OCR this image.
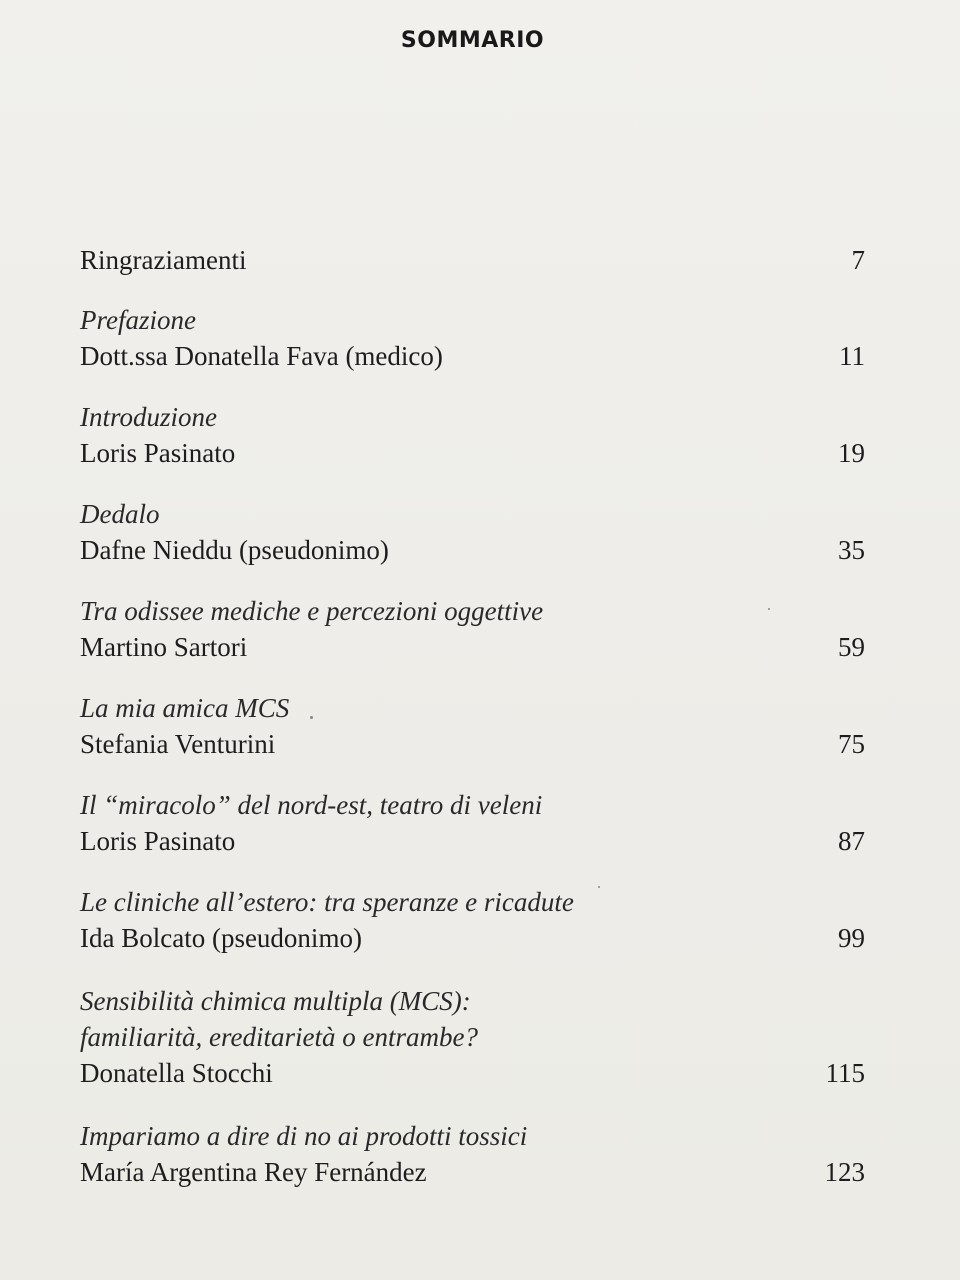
SOMMARIO
Ringraziamenti	7
Prefazione
Dott.ssa Donatella Fava (medico)	11
Introduzione
Loris Pasinato	19
Dedalo
Dafne Nieddu (pseudonimo)	35
Tra odissee mediche e percezioni oggettive
Martino Sartori	59
La mia amica MCS
Stefania Venturini	75
Il “miracolo” del nord-est, teatro di veleni
Loris Pasinato	87
Le cliniche all’estero: tra speranze e ricadute
Ida Bolcato (pseudonimo)	99
Sensibilità chimica multipla (MCS):
familiarità, ereditarietà o entrambe?
Donatella Stocchi	115
Impariamo a dire di no ai prodotti tossici
María Argentina Rey Fernández	123
